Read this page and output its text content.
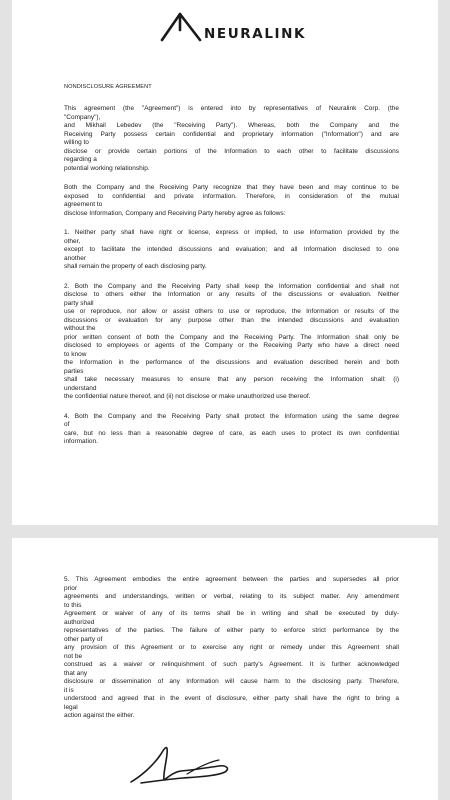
NEURALINK
NONDISCLOSURE AGREEMENT

This agreement (the "Agreement") is entered into by representatives of Neuralink Corp. (the
"Company"),
and Mikhail Lebedev (the "Receiving Party"). Whereas, both the Company and the
Receiving Party possess certain confidential and proprietary information ("Information") and are
willing to
disclose or provide certain portions of the Information to each other to facilitate discussions
regarding a
potential working relationship.

Both the Company and the Receiving Party recognize that they have been and may continue to be
exposed to confidential and private information. Therefore, in consideration of the mutual
agreement to
disclose Information, Company and Receiving Party hereby agree as follows:

1. Neither party shall have right or license, express or implied, to use Information provided by the
other,
except to facilitate the intended discussions and evaluation; and all Information disclosed to one
another
shall remain the property of each disclosing party.

2. Both the Company and the Receiving Party shall keep the Information confidential and shall not
disclose to others either the Information or any results of the discussions or evaluation. Neither
party shall
use or reproduce, nor allow or assist others to use or reproduce, the Information or results of the
discussions or evaluation for any purpose other than the intended discussions and evaluation
without the
prior written consent of both the Company and the Receiving Party. The Information shall only be
disclosed to employees or agents of the Company or the Receiving Party who have a direct need
to know
the Information in the performance of the discussions and evaluation described herein and both
parties
shall take necessary measures to ensure that any person receiving the Information shall: (i)
understand
the confidential nature thereof, and (ii) not disclose or make unauthorized use thereof.

4. Both the Company and the Receiving Party shall protect the Information using the same degree
of
care, but no less than a reasonable degree of care, as each uses to protect its own confidential
information.

5. This Agreement embodies the entire agreement between the parties and supersedes all prior
prior
agreements and understandings, written or verbal, relating to its subject matter. Any amendment
to this
Agreement or waiver of any of its terms shall be in writing and shall be executed by duly-
authorized
representatives of the parties. The failure of either party to enforce strict performance by the
other party of
any provision of this Agreement or to exercise any right or remedy under this Agreement shall
not be
construed as a waiver or relinquishment of such party's Agreement. It is further acknowledged
that any
disclosure or dissemination of any Information will cause harm to the disclosing party. Therefore,
it is
understood and agreed that in the event of disclosure, either party shall have the right to bring a
legal
action against the either.
